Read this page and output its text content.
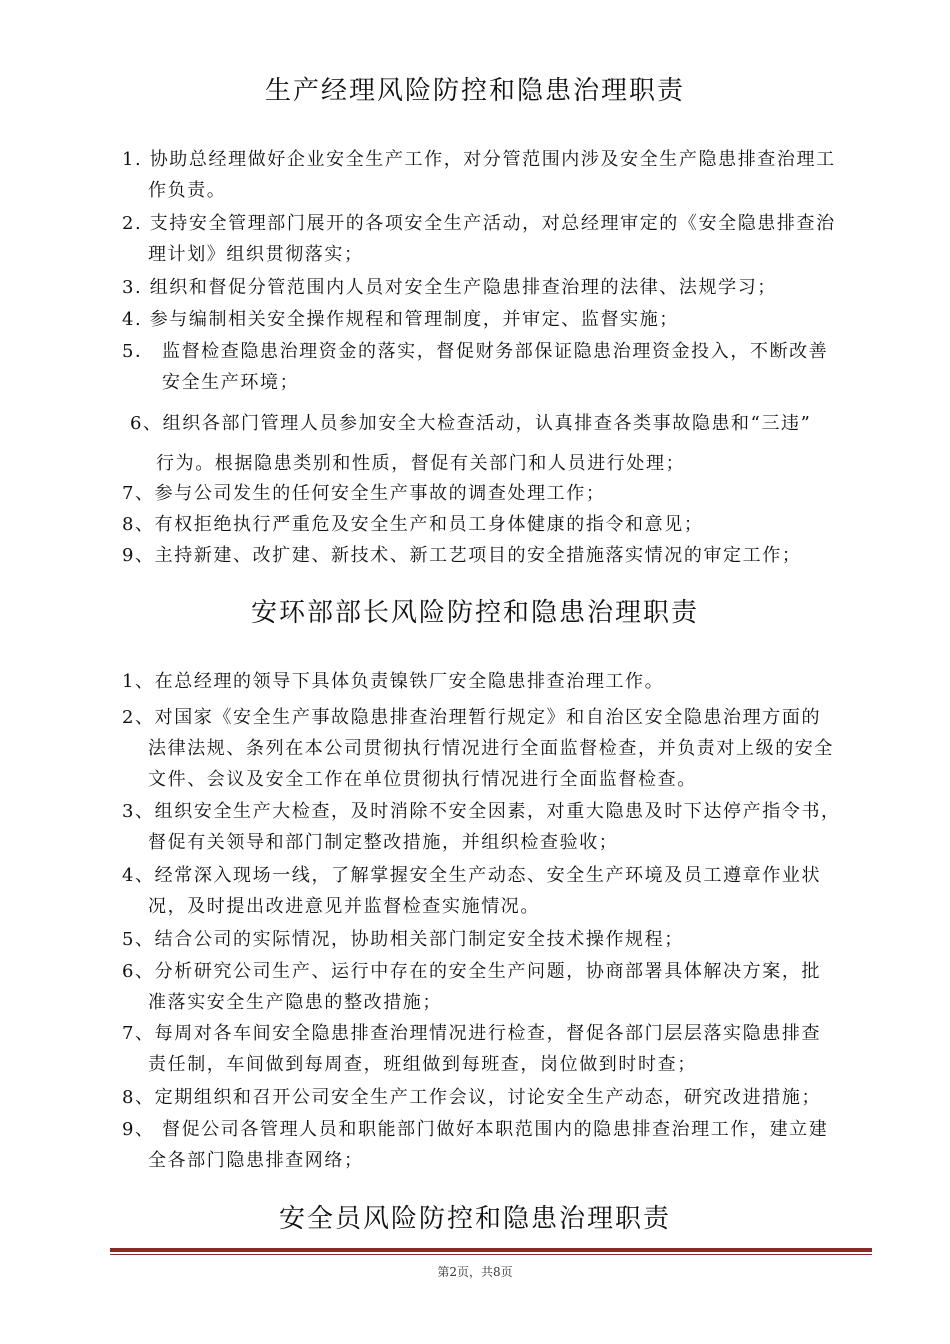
生产经理风险防控和隐患治理职责

1. 协助总经理做好企业安全生产工作，对分管范围内涉及安全生产隐患排查治理工
作负责。

2. 支持安全管理部门展开的各项安全生产活动，对总经理审定的《安全隐患排查治
理计划》组织贯彻落实；

3. 组织和督促分管范围内人员对安全生产隐患排查治理的法律、法规学习；

4. 参与编制相关安全操作规程和管理制度，并审定、监督实施；

5． 监督检查隐患治理资金的落实，督促财务部保证隐患治理资金投入，不断改善
安全生产环境；

6、组织各部门管理人员参加安全大检查活动，认真排查各类事故隐患和“三违”
行为。根据隐患类别和性质，督促有关部门和人员进行处理；

7、参与公司发生的任何安全生产事故的调查处理工作；

8、有权拒绝执行严重危及安全生产和员工身体健康的指令和意见；

9、主持新建、改扩建、新技术、新工艺项目的安全措施落实情况的审定工作；

安环部部长风险防控和隐患治理职责

1、在总经理的领导下具体负责镍铁厂安全隐患排查治理工作。

2、对国家《安全生产事故隐患排查治理暂行规定》和自治区安全隐患治理方面的
法律法规、条列在本公司贯彻执行情况进行全面监督检查，并负责对上级的安全
文件、会议及安全工作在单位贯彻执行情况进行全面监督检查。

3、组织安全生产大检查，及时消除不安全因素，对重大隐患及时下达停产指令书，
督促有关领导和部门制定整改措施，并组织检查验收；

4、经常深入现场一线，了解掌握安全生产动态、安全生产环境及员工遵章作业状
况，及时提出改进意见并监督检查实施情况。

5、结合公司的实际情况，协助相关部门制定安全技术操作规程；

6、分析研究公司生产、运行中存在的安全生产问题，协商部署具体解决方案，批
准落实安全生产隐患的整改措施；

7、每周对各车间安全隐患排查治理情况进行检查，督促各部门层层落实隐患排查
责任制，车间做到每周查，班组做到每班查，岗位做到时时查；

8、定期组织和召开公司安全生产工作会议，讨论安全生产动态，研究改进措施；

9、 督促公司各管理人员和职能部门做好本职范围内的隐患排查治理工作，建立建
全各部门隐患排查网络；

安全员风险防控和隐患治理职责
第2页，共8页
